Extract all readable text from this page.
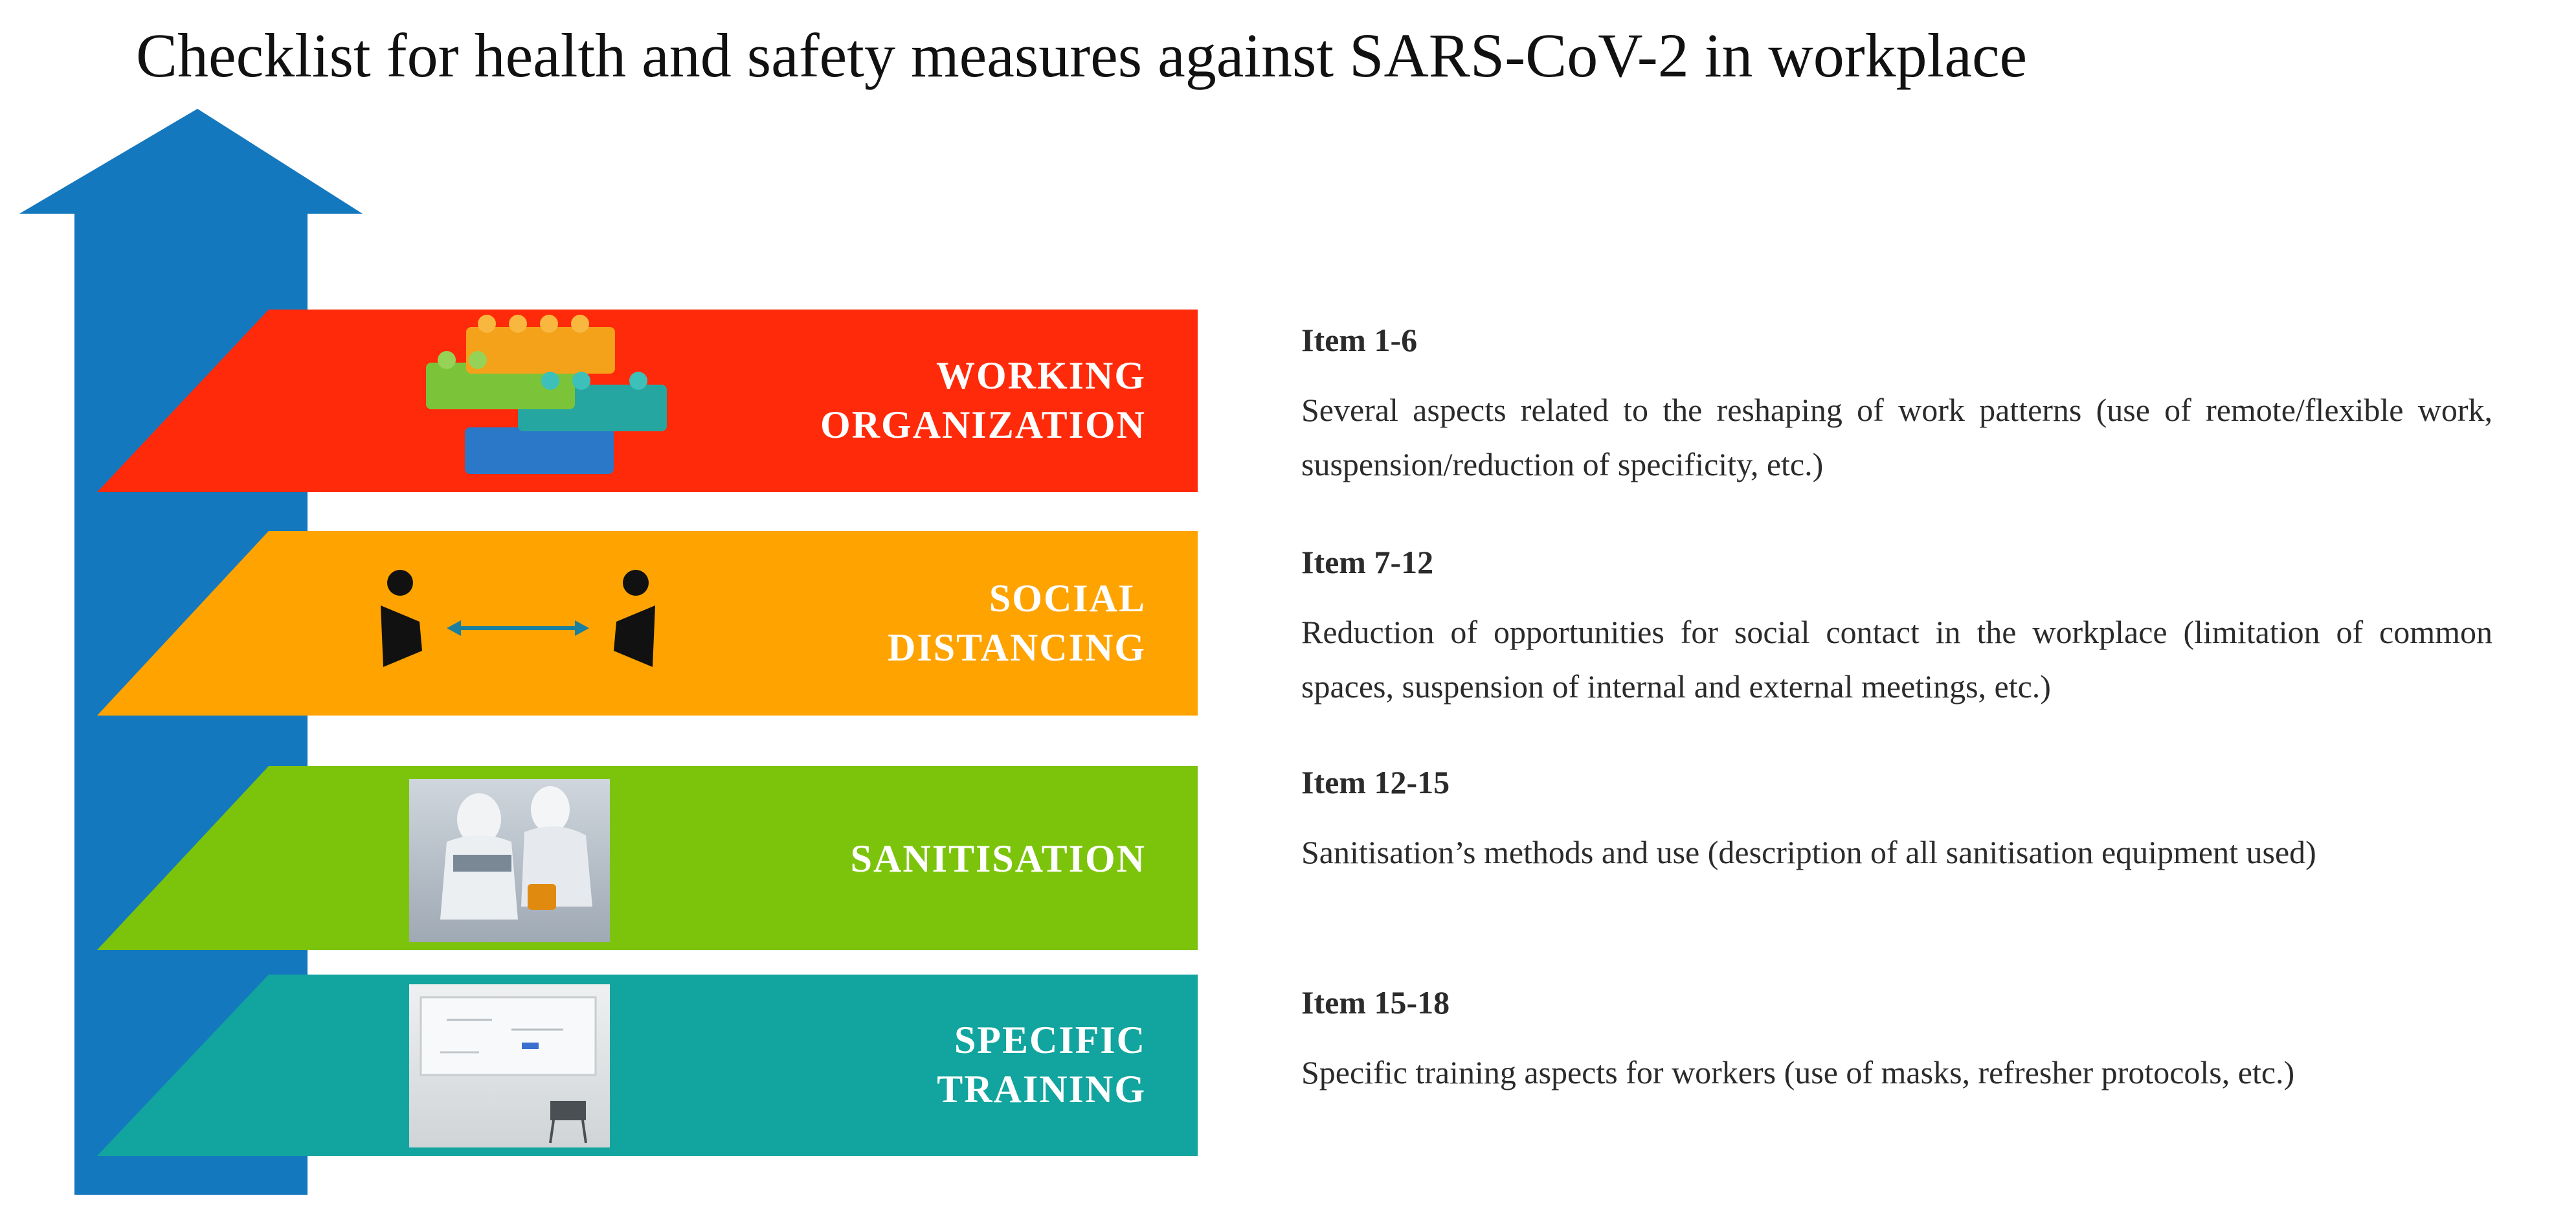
Checklist for health and safety measures against SARS-CoV-2 in workplace
WORKING
ORGANIZATION
SOCIAL
DISTANCING
SANITISATION
SPECIFIC
TRAINING
Item 1-6
Several aspects related to the reshaping of work patterns (use of remote/flexible work, suspension/reduction of specificity, etc.)
Item 7-12
Reduction of opportunities for social contact in the workplace (limitation of common spaces, suspension of internal and external meetings, etc.)
Item 12-15
Sanitisation’s methods and use (description of all sanitisation equipment used)
Item 15-18
Specific training aspects for workers (use of masks, refresher protocols, etc.)
